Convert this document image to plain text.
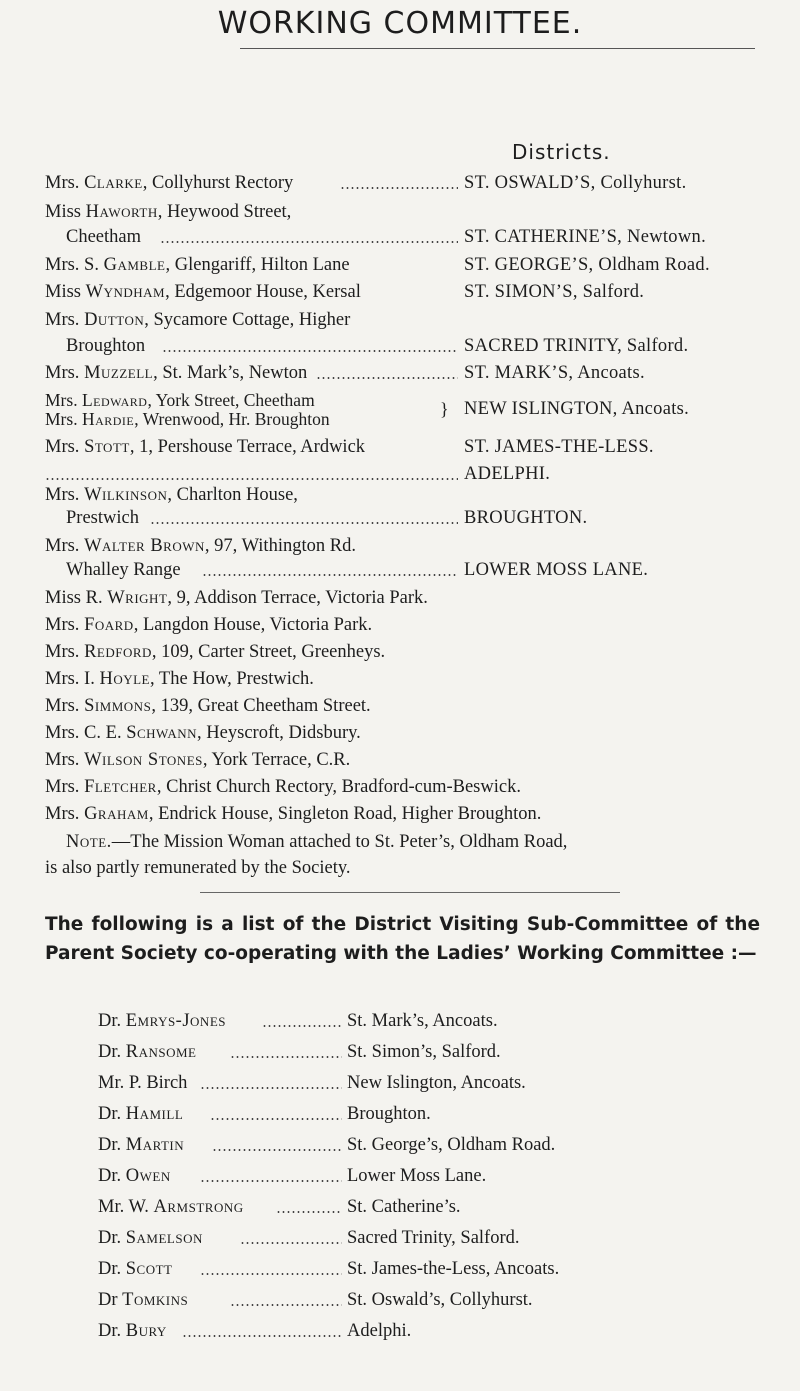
WORKING COMMITTEE.
Districts.
Mrs. Clarke, Collyhurst Rectory	ST. OSWALD’S, Collyhurst.
Miss Haworth, Heywood Street,
Cheetham	ST. CATHERINE’S, Newtown.
Mrs. S. Gamble, Glengariff, Hilton Lane	ST. GEORGE’S, Oldham Road.
Miss Wyndham, Edgemoor House, Kersal	ST. SIMON’S, Salford.
Mrs. Dutton, Sycamore Cottage, Higher
Broughton	SACRED TRINITY, Salford.
Mrs. Muzzell, St. Mark’s, Newton	ST. MARK’S, Ancoats.
Mrs. Ledward, York Street, Cheetham
Mrs. Hardie, Wrenwood, Hr. Broughton	} NEW ISLINGTON, Ancoats.
Mrs. Stott, 1, Pershouse Terrace, Ardwick	ST. JAMES-THE-LESS.
ADELPHI.
Mrs. Wilkinson, Charlton House,
Prestwich	BROUGHTON.
Mrs. Walter Brown, 97, Withington Rd.
Whalley Range	LOWER MOSS LANE.
Miss R. Wright, 9, Addison Terrace, Victoria Park.
Mrs. Foard, Langdon House, Victoria Park.
Mrs. Redford, 109, Carter Street, Greenheys.
Mrs. I. Hoyle, The How, Prestwich.
Mrs. Simmons, 139, Great Cheetham Street.
Mrs. C. E. Schwann, Heyscroft, Didsbury.
Mrs. Wilson Stones, York Terrace, C.R.
Mrs. Fletcher, Christ Church Rectory, Bradford-cum-Beswick.
Mrs. Graham, Endrick House, Singleton Road, Higher Broughton.
Note.—The Mission Woman attached to St. Peter’s, Oldham Road,
is also partly remunerated by the Society.
The following is a list of the District Visiting Sub-Committee of the Parent Society co-operating with the Ladies’ Working Committee :—
Dr. Emrys-Jones	St. Mark’s, Ancoats.
Dr. Ransome	St. Simon’s, Salford.
Mr. P. Birch	New Islington, Ancoats.
Dr. Hamill	Broughton.
Dr. Martin	St. George’s, Oldham Road.
Dr. Owen	Lower Moss Lane.
Mr. W. Armstrong	St. Catherine’s.
Dr. Samelson	Sacred Trinity, Salford.
Dr. Scott	St. James-the-Less, Ancoats.
Dr Tomkins	St. Oswald’s, Collyhurst.
Dr. Bury	Adelphi.
